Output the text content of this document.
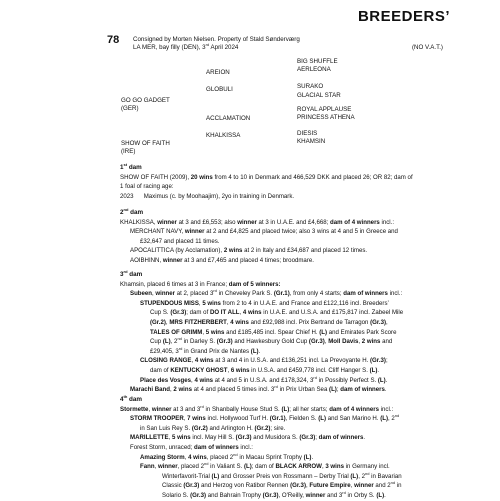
BREEDERS’
78 Consigned by Morten Nielsen. Property of Stald Sønderværg
LA MER, bay filly (DEN), 3rd April 2024	(NO V.A.T.)
GO GO GADGET
(GER)
AREION
GLOBULI
BIG SHUFFLE
AERLEONA
SURAKO
GLACIAL STAR
SHOW OF FAITH
(IRE)
ACCLAMATION
KHALKISSA
ROYAL APPLAUSE
PRINCESS ATHENA
DIESIS
KHAMSIN

1st dam

SHOW OF FAITH (2009), 20 wins from 4 to 10 in Denmark and 466,529 DKK and placed 26; OR 82; dam of

1 foal of racing age:

2023      Maximus (c. by Moohaajim), 2yo in training in Denmark.

2nd dam

KHALKISSA, winner at 3 and £6,553; also winner at 3 in U.A.E. and £4,668; dam of 4 winners incl.:

MERCHANT NAVY, winner at 2 and £4,825 and placed twice; also 3 wins at 4 and 5 in Greece and

£32,647 and placed 11 times.

APOCALITTICA (by Acclamation), 2 wins at 2 in Italy and £34,687 and placed 12 times.

AOIBHINN, winner at 3 and £7,465 and placed 4 times; broodmare.

3rd dam

Khamsin, placed 6 times at 3 in France; dam of 5 winners:

Subeen, winner at 2, placed 3rd in Cheveley Park S. (Gr.1), from only 4 starts; dam of winners incl.:

STUPENDOUS MISS, 5 wins from 2 to 4 in U.A.E. and France and £122,116 incl. Breeders’

Cup S. (Gr.3); dam of DO IT ALL, 4 wins in U.A.E. and U.S.A. and £175,817 incl. Zabeel Mile

(Gr.2), MRS FITZHERBERT, 4 wins and £92,988 incl. Prix Bertrand de Tarragon (Gr.3),

TALES OF GRIMM, 5 wins and £185,485 incl. Spear Chief H. (L) and Emirates Park Score

Cup (L), 2nd in Darley S. (Gr.3) and Hawkesbury Gold Cup (Gr.3), Moll Davis, 2 wins and

£29,405, 3rd in Grand Prix de Nantes (L).

CLOSING RANGE, 4 wins at 3 and 4 in U.S.A. and £136,251 incl. La Prevoyante H. (Gr.3);

dam of KENTUCKY GHOST, 6 wins in U.S.A. and £459,778 incl. Cliff Hanger S. (L).

Place des Vosges, 4 wins at 4 and 5 in U.S.A. and £178,324, 3rd in Possibly Perfect S. (L).

Marachi Band, 2 wins at 4 and placed 5 times incl. 3rd in Prix Urban Sea (L); dam of winners.

4th dam

Stormette, winner at 3 and 3rd in Shanbally House Stud S. (L); all her starts; dam of 4 winners incl.:

STORM TROOPER, 7 wins incl. Hollywood Turf H. (Gr.1), Fielden S. (L) and San Marino H. (L), 2nd

in San Luis Rey S. (Gr.2) and Arlington H. (Gr.2); sire.

MARILLETTE, 5 wins incl. May Hill S. (Gr.3) and Musidora S. (Gr.3); dam of winners.

Forest Storm, unraced; dam of winners incl.:

Amazing Storm, 4 wins, placed 2nd in Macau Sprint Trophy (L).

Fann, winner, placed 2nd in Valiant S. (L); dam of BLACK ARROW, 3 wins in Germany incl.

Winterfavorit-Trial (L) and Grosser Preis von Rossmann – Derby Trial (L), 2nd in Bavarian

Classic (Gr.3) and Herzog von Ratibor Rennen (Gr.3), Future Empire, winner and 2nd in

Solario S. (Gr.3) and Bahrain Trophy (Gr.3), O'Reilly, winner and 3rd in Orby S. (L).
